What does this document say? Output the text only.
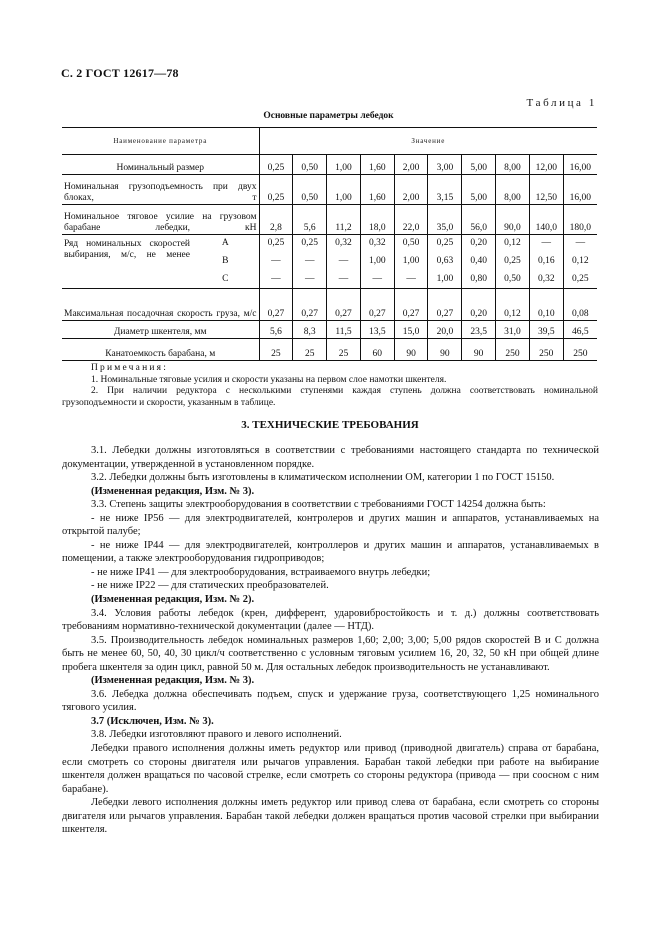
С. 2 ГОСТ 12617—78
Таблица 1
Основные параметры лебедок
Наименование параметра		Значение									
Номинальный размер		0,25	0,50	1,00	1,60	2,00	3,00	5,00	8,00	12,00	16,00
Номинальная грузоподъемность при двух блоках, т		0,25	0,50	1,00	1,60	2,00	3,15	5,00	8,00	12,50	16,00
Номинальное тяговое усилие на грузовом барабане лебедки, кН		2,8	5,6	11,2	18,0	22,0	35,0	56,0	90,0	140,0	180,0
Ряд номинальных скоростей выбирания, м/с, не менее	А	0,25	0,25	0,32	0,32	0,50	0,25	0,20	0,12	—	—
	В	—	—	—	1,00	1,00	0,63	0,40	0,25	0,16	0,12
	С	—	—	—	—	—	1,00	0,80	0,50	0,32	0,25
Максимальная посадочная скорость груза, м/с		0,27	0,27	0,27	0,27	0,27	0,27	0,20	0,12	0,10	0,08
Диаметр шкентеля, мм		5,6	8,3	11,5	13,5	15,0	20,0	23,5	31,0	39,5	46,5
Канатоемкость барабана, м		25	25	25	60	90	90	90	250	250	250

Примечания:

1. Номинальные тяговые усилия и скорости указаны на первом слое намотки шкентеля.

2. При наличии редуктора с несколькими ступенями каждая ступень должна соответствовать номинальной грузоподъемности и скорости, указанным в таблице.

3. ТЕХНИЧЕСКИЕ ТРЕБОВАНИЯ

3.1. Лебедки должны изготовляться в соответствии с требованиями настоящего стандарта по технической документации, утвержденной в установленном порядке.

3.2. Лебедки должны быть изготовлены в климатическом исполнении ОМ, категории 1 по ГОСТ 15150.

(Измененная редакция, Изм. № 3).

3.3. Степень защиты электрооборудования в соответствии с требованиями ГОСТ 14254 должна быть:

- не ниже IP56 — для электродвигателей, контролеров и других машин и аппаратов, устанавливаемых на открытой палубе;

- не ниже IP44 — для электродвигателей, контроллеров и других машин и аппаратов, устанавливаемых в помещении, а также электрооборудования гидроприводов;

- не ниже IP41 — для электрооборудования, встраиваемого внутрь лебедки;

- не ниже IP22 — для статических преобразователей.

(Измененная редакция, Изм. № 2).

3.4. Условия работы лебедок (крен, дифферент, ударовибростойкость и т. д.) должны соответствовать требованиям нормативно-технической документации (далее — НТД).

3.5. Производительность лебедок номинальных размеров 1,60; 2,00; 3,00; 5,00 рядов скоростей В и С должна быть не менее 60, 50, 40, 30 цикл/ч соответственно с условным тяговым усилием 16, 20, 32, 50 кН при общей длине пробега шкентеля за один цикл, равной 50 м. Для остальных лебедок производительность не устанавливают.

(Измененная редакция, Изм. № 3).

3.6. Лебедка должна обеспечивать подъем, спуск и удержание груза, соответствующего 1,25 номинального тягового усилия.

3.7 (Исключен, Изм. № 3).

3.8. Лебедки изготовляют правого и левого исполнений.

Лебедки правого исполнения должны иметь редуктор или привод (приводной двигатель) справа от барабана, если смотреть со стороны двигателя или рычагов управления. Барабан такой лебедки при работе на выбирание шкентеля должен вращаться по часовой стрелке, если смотреть со стороны редуктора (привода — при соосном с ним барабане).

Лебедки левого исполнения должны иметь редуктор или привод слева от барабана, если смотреть со стороны двигателя или рычагов управления. Барабан такой лебедки должен вращаться против часовой стрелки при выбирании шкентеля.
